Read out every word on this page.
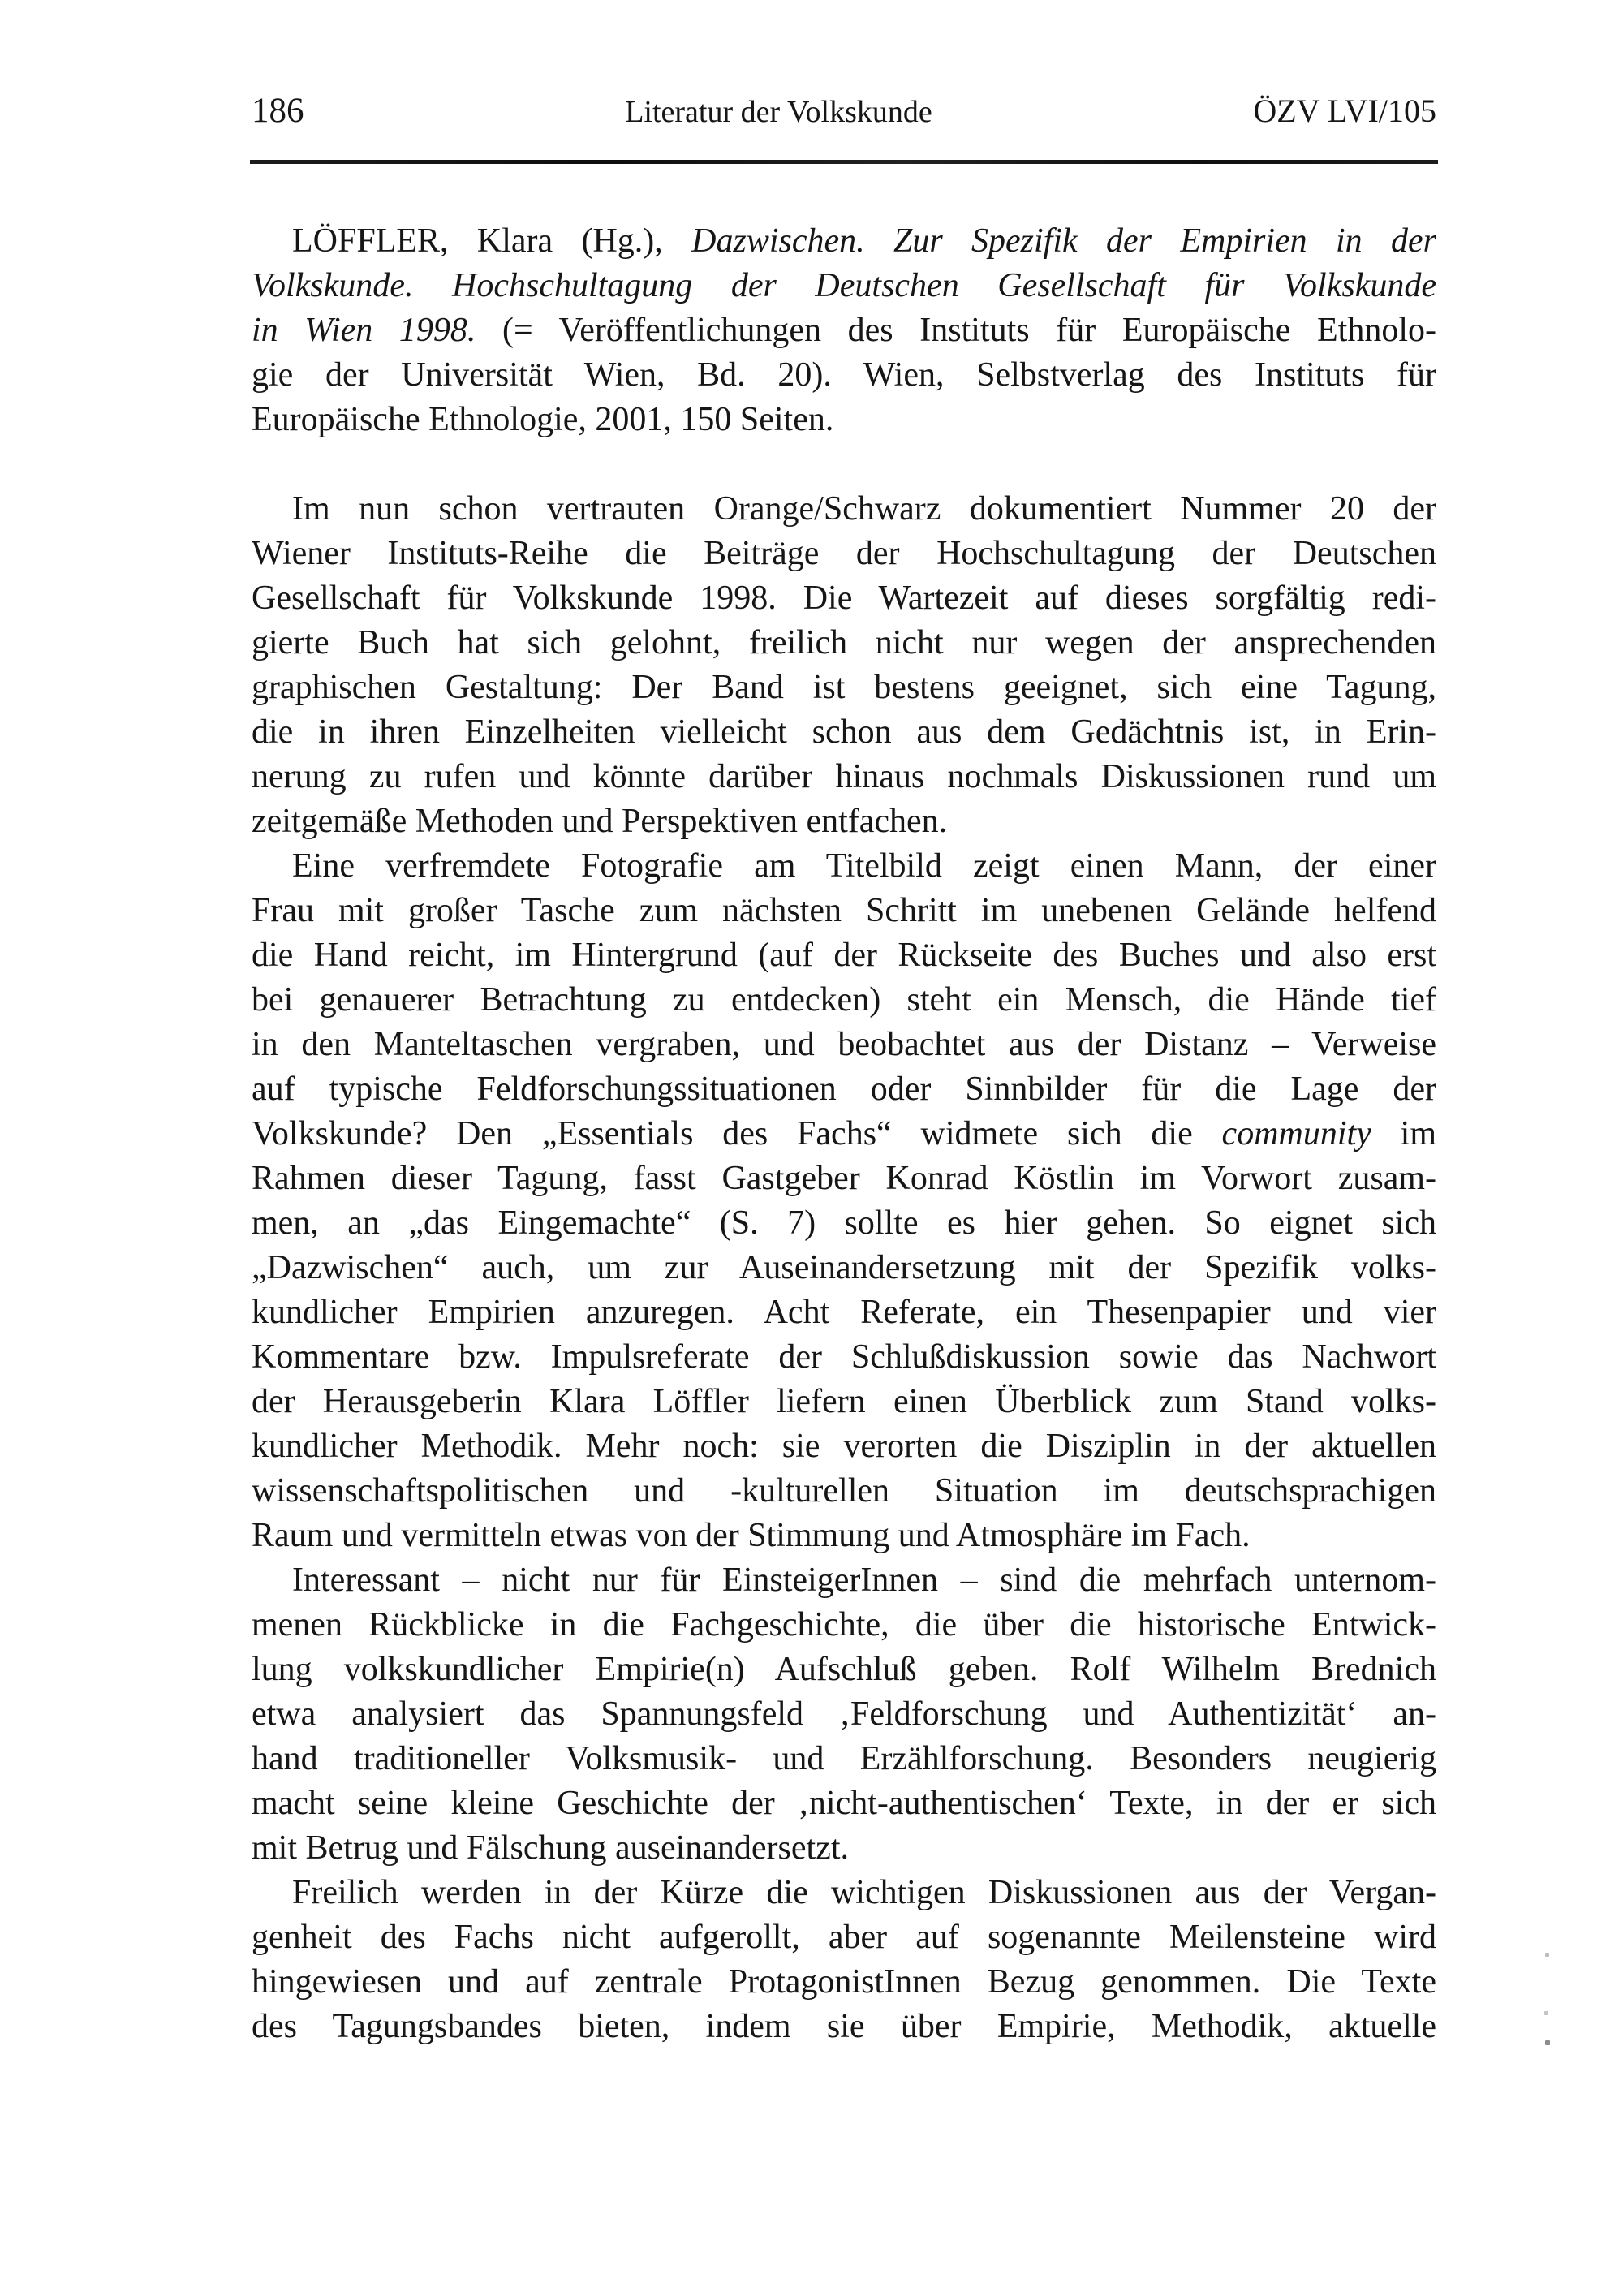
186	Literatur der Volkskunde	ÖZV LVI/105
LÖFFLER, Klara (Hg.), Dazwischen. Zur Spezifik der Empirien in der
Volkskunde. Hochschultagung der Deutschen Gesellschaft für Volkskunde
in Wien 1998. (= Veröffentlichungen des Instituts für Europäische Ethnolo-
gie der Universität Wien, Bd. 20). Wien, Selbstverlag des Instituts für
Europäische Ethnologie, 2001, 150 Seiten.
Im nun schon vertrauten Orange/Schwarz dokumentiert Nummer 20 der
Wiener Instituts-Reihe die Beiträge der Hochschultagung der Deutschen
Gesellschaft für Volkskunde 1998. Die Wartezeit auf dieses sorgfältig redi-
gierte Buch hat sich gelohnt, freilich nicht nur wegen der ansprechenden
graphischen Gestaltung: Der Band ist bestens geeignet, sich eine Tagung,
die in ihren Einzelheiten vielleicht schon aus dem Gedächtnis ist, in Erin-
nerung zu rufen und könnte darüber hinaus nochmals Diskussionen rund um
zeitgemäße Methoden und Perspektiven entfachen.
Eine verfremdete Fotografie am Titelbild zeigt einen Mann, der einer
Frau mit großer Tasche zum nächsten Schritt im unebenen Gelände helfend
die Hand reicht, im Hintergrund (auf der Rückseite des Buches und also erst
bei genauerer Betrachtung zu entdecken) steht ein Mensch, die Hände tief
in den Manteltaschen vergraben, und beobachtet aus der Distanz – Verweise
auf typische Feldforschungssituationen oder Sinnbilder für die Lage der
Volkskunde? Den „Essentials des Fachs“ widmete sich die community im
Rahmen dieser Tagung, fasst Gastgeber Konrad Köstlin im Vorwort zusam-
men, an „das Eingemachte“ (S. 7) sollte es hier gehen. So eignet sich
„Dazwischen“ auch, um zur Auseinandersetzung mit der Spezifik volks-
kundlicher Empirien anzuregen. Acht Referate, ein Thesenpapier und vier
Kommentare bzw. Impulsreferate der Schlußdiskussion sowie das Nachwort
der Herausgeberin Klara Löffler liefern einen Überblick zum Stand volks-
kundlicher Methodik. Mehr noch: sie verorten die Disziplin in der aktuellen
wissenschaftspolitischen und -kulturellen Situation im deutschsprachigen
Raum und vermitteln etwas von der Stimmung und Atmosphäre im Fach.
Interessant – nicht nur für EinsteigerInnen – sind die mehrfach unternom-
menen Rückblicke in die Fachgeschichte, die über die historische Entwick-
lung volkskundlicher Empirie(n) Aufschluß geben. Rolf Wilhelm Brednich
etwa analysiert das Spannungsfeld ‚Feldforschung und Authentizität‘ an-
hand traditioneller Volksmusik- und Erzählforschung. Besonders neugierig
macht seine kleine Geschichte der ‚nicht-authentischen‘ Texte, in der er sich
mit Betrug und Fälschung auseinandersetzt.
Freilich werden in der Kürze die wichtigen Diskussionen aus der Vergan-
genheit des Fachs nicht aufgerollt, aber auf sogenannte Meilensteine wird
hingewiesen und auf zentrale ProtagonistInnen Bezug genommen. Die Texte
des Tagungsbandes bieten, indem sie über Empirie, Methodik, aktuelle
